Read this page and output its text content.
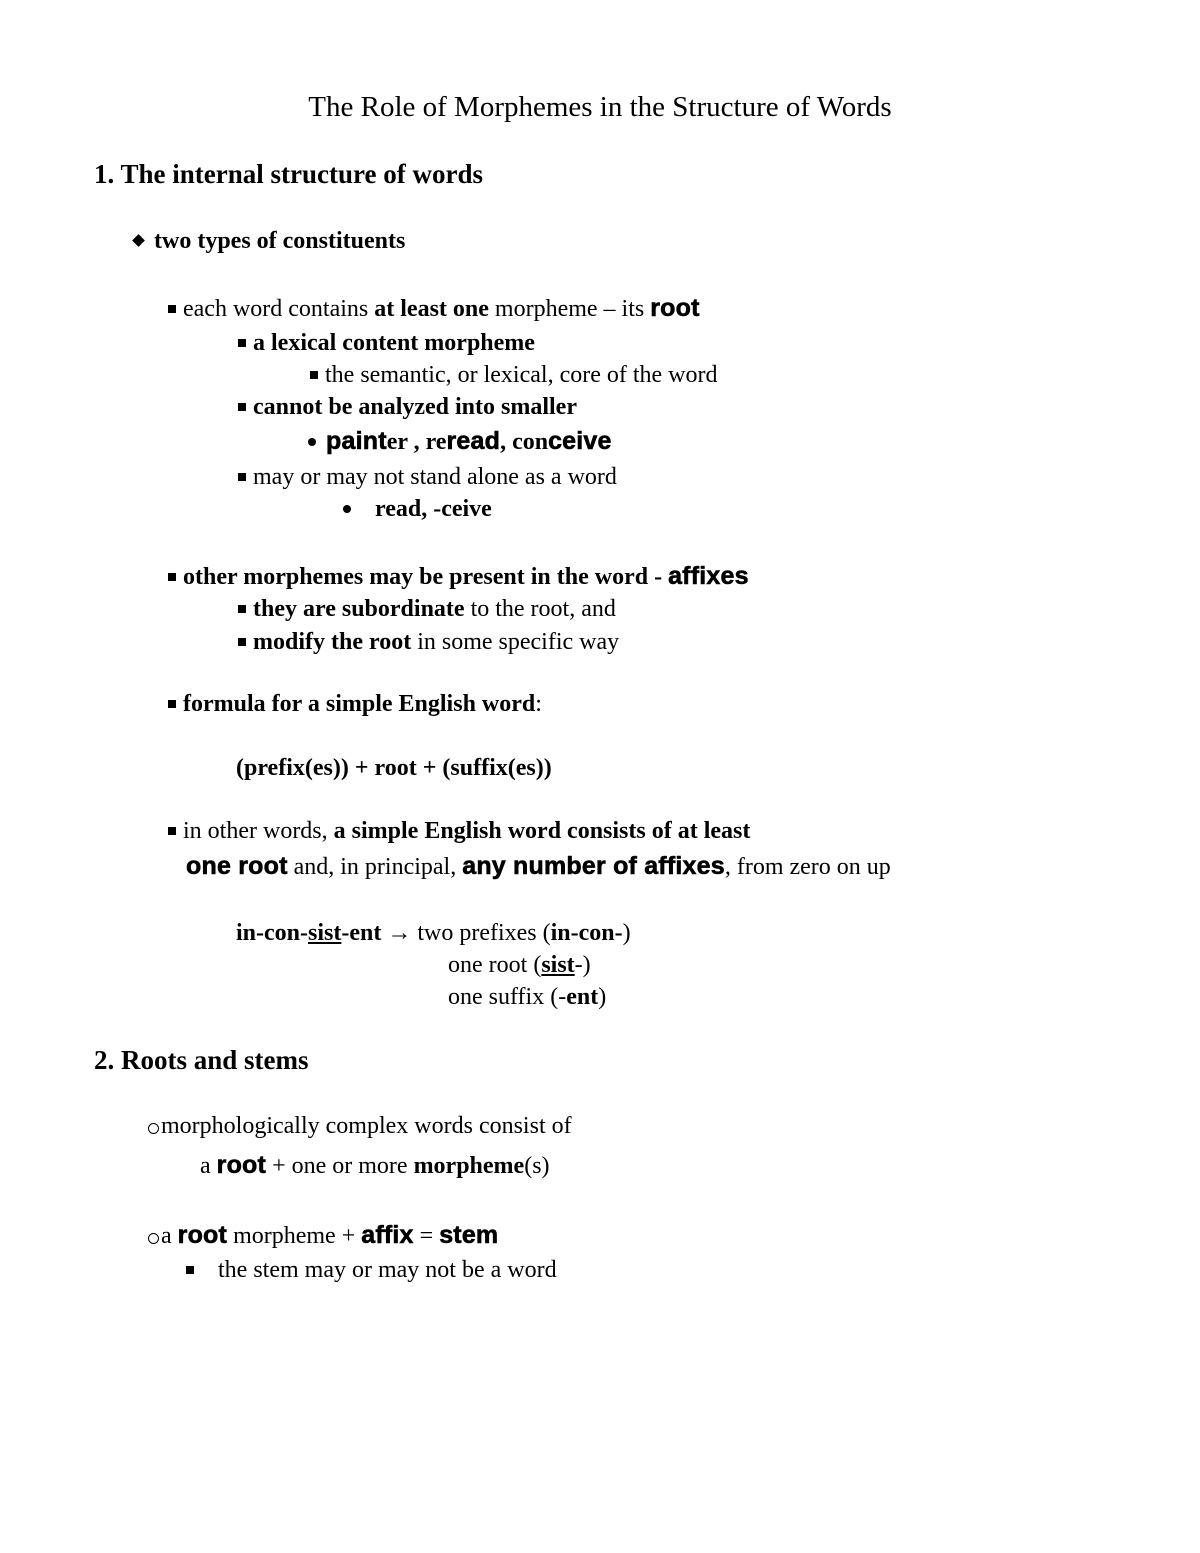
The Role of Morphemes in the Structure of Words
1. The internal structure of words
two types of constituents
each word contains at least one morpheme – its root
a lexical content morpheme
the semantic, or lexical, core of the word
cannot be analyzed into smaller
painter , reread, conceive
may or may not stand alone as a word
read, -ceive
other morphemes may be present in the word - affixes
they are subordinate to the root, and
modify the root in some specific way
formula for a simple English word:
(prefix(es)) + root + (suffix(es))
in other words, a simple English word consists of at least
one root and, in principal, any number of affixes, from zero on up
in-con-sist-ent → two prefixes (in-con-)
one root (sist-)
one suffix (-ent)
2. Roots and stems
morphologically complex words consist of
a root + one or more morpheme(s)
a root morpheme + affix = stem
the stem may or may not be a word
